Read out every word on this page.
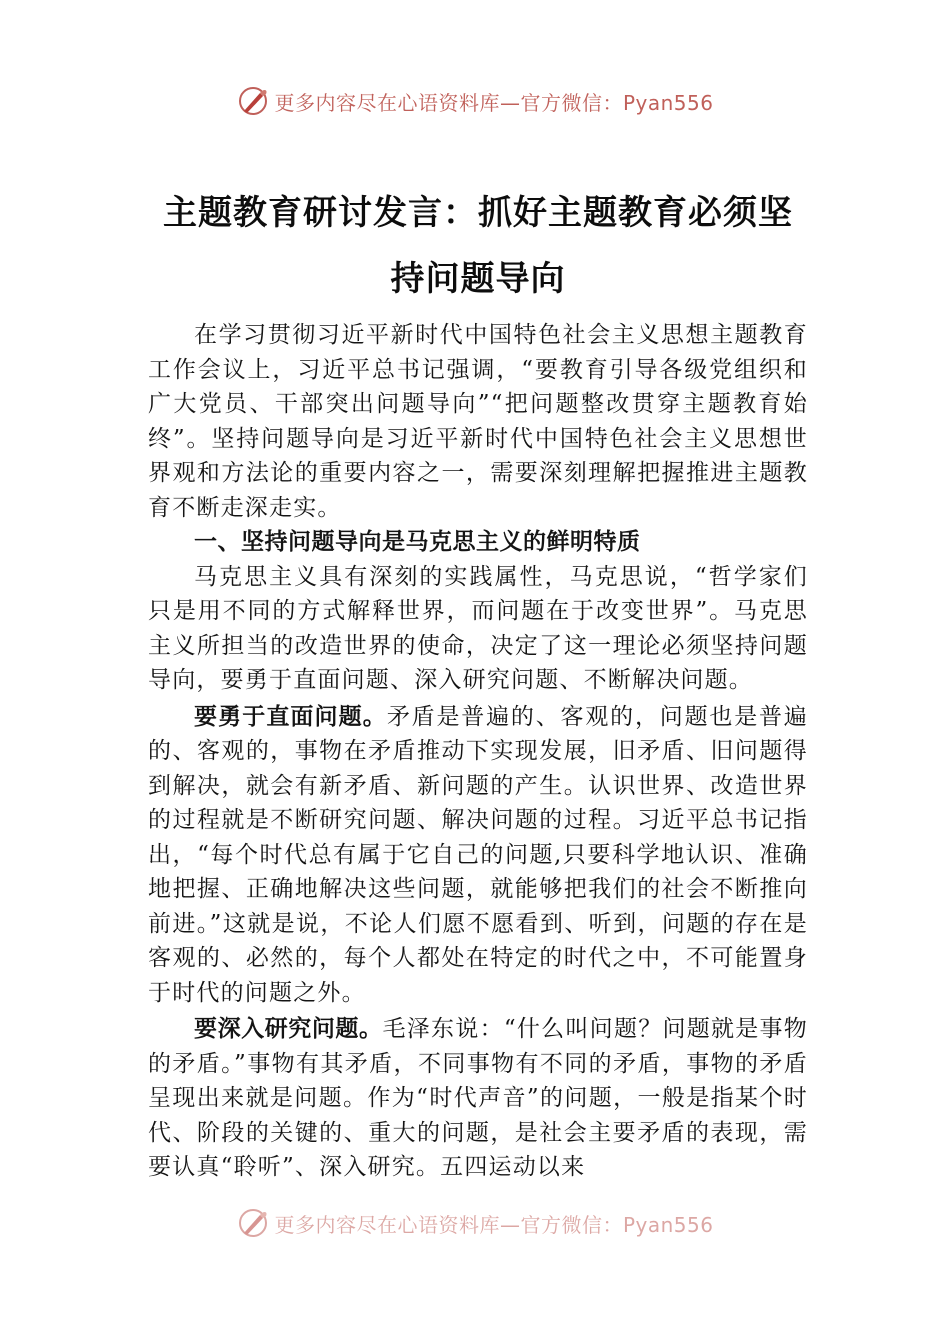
更多内容尽在心语资料库—官方微信：Pyan556
主题教育研讨发言：抓好主题教育必须坚
持问题导向

在学习贯彻习近平新时代中国特色社会主义思想主题教育工作会议上，习近平总书记强调，“要教育引导各级党组织和广大党员、干部突出问题导向”“把问题整改贯穿主题教育始终”。坚持问题导向是习近平新时代中国特色社会主义思想世界观和方法论的重要内容之一，需要深刻理解把握推进主题教育不断走深走实。

一、坚持问题导向是马克思主义的鲜明特质

马克思主义具有深刻的实践属性，马克思说，“哲学家们只是用不同的方式解释世界，而问题在于改变世界”。马克思主义所担当的改造世界的使命，决定了这一理论必须坚持问题导向，要勇于直面问题、深入研究问题、不断解决问题。

要勇于直面问题。矛盾是普遍的、客观的，问题也是普遍的、客观的，事物在矛盾推动下实现发展，旧矛盾、旧问题得到解决，就会有新矛盾、新问题的产生。认识世界、改造世界的过程就是不断研究问题、解决问题的过程。习近平总书记指出，“每个时代总有属于它自己的问题,只要科学地认识、准确地把握、正确地解决这些问题，就能够把我们的社会不断推向前进。”这就是说，不论人们愿不愿看到、听到，问题的存在是客观的、必然的，每个人都处在特定的时代之中，不可能置身于时代的问题之外。

要深入研究问题。毛泽东说：“什么叫问题？问题就是事物的矛盾。”事物有其矛盾，不同事物有不同的矛盾，事物的矛盾呈现出来就是问题。作为“时代声音”的问题，一般是指某个时代、阶段的关键的、重大的问题，是社会主要矛盾的表现，需要认真“聆听”、深入研究。五四运动以来

更多内容尽在心语资料库—官方微信：Pyan556
